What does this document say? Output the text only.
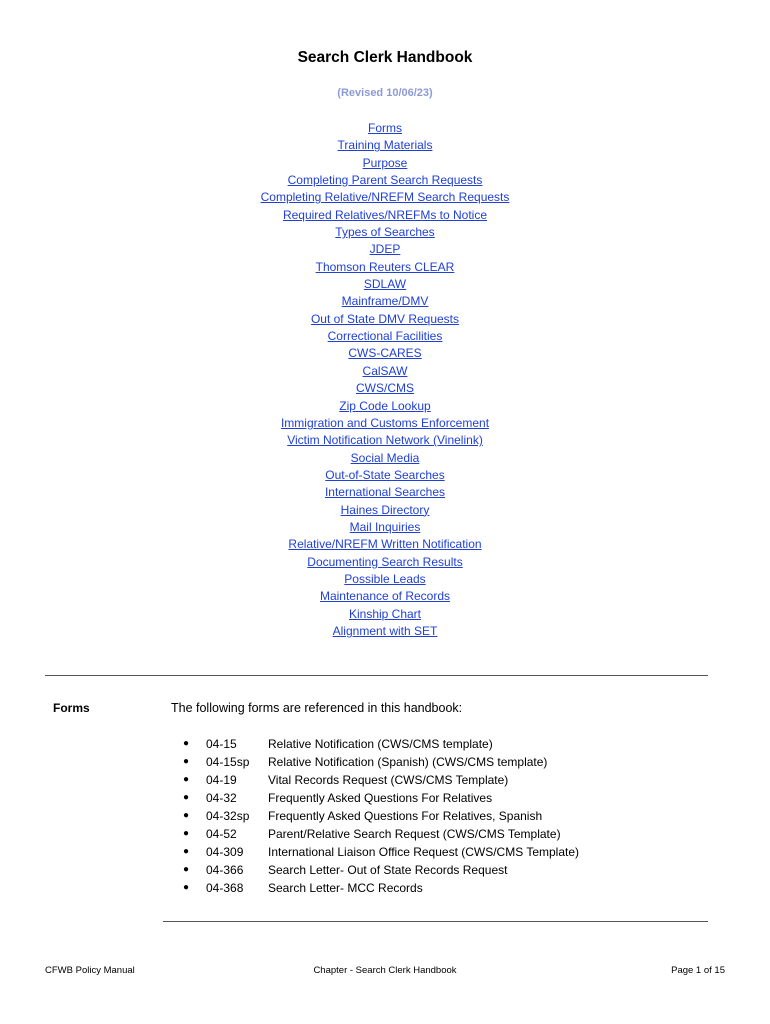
Search Clerk Handbook
(Revised 10/06/23)
Forms
Training Materials
Purpose
Completing Parent Search Requests
Completing Relative/NREFM Search Requests
Required Relatives/NREFMs to Notice
Types of Searches
JDEP
Thomson Reuters CLEAR
SDLAW
Mainframe/DMV
Out of State DMV Requests
Correctional Facilities
CWS-CARES
CalSAW
CWS/CMS
Zip Code Lookup
Immigration and Customs Enforcement
Victim Notification Network (Vinelink)
Social Media
Out-of-State Searches
International Searches
Haines Directory
Mail Inquiries
Relative/NREFM Written Notification
Documenting Search Results
Possible Leads
Maintenance of Records
Kinship Chart
Alignment with SET
Forms	The following forms are referenced in this handbook:
●	04-15	Relative Notification (CWS/CMS template)
●	04-15sp	Relative Notification (Spanish) (CWS/CMS template)
●	04-19	Vital Records Request (CWS/CMS Template)
●	04-32	Frequently Asked Questions For Relatives
●	04-32sp	Frequently Asked Questions For Relatives, Spanish
●	04-52	Parent/Relative Search Request (CWS/CMS Template)
●	04-309	International Liaison Office Request (CWS/CMS Template)
●	04-366	Search Letter- Out of State Records Request
●	04-368	Search Letter- MCC Records
CFWB Policy Manual	Chapter - Search Clerk Handbook	Page 1 of 15
